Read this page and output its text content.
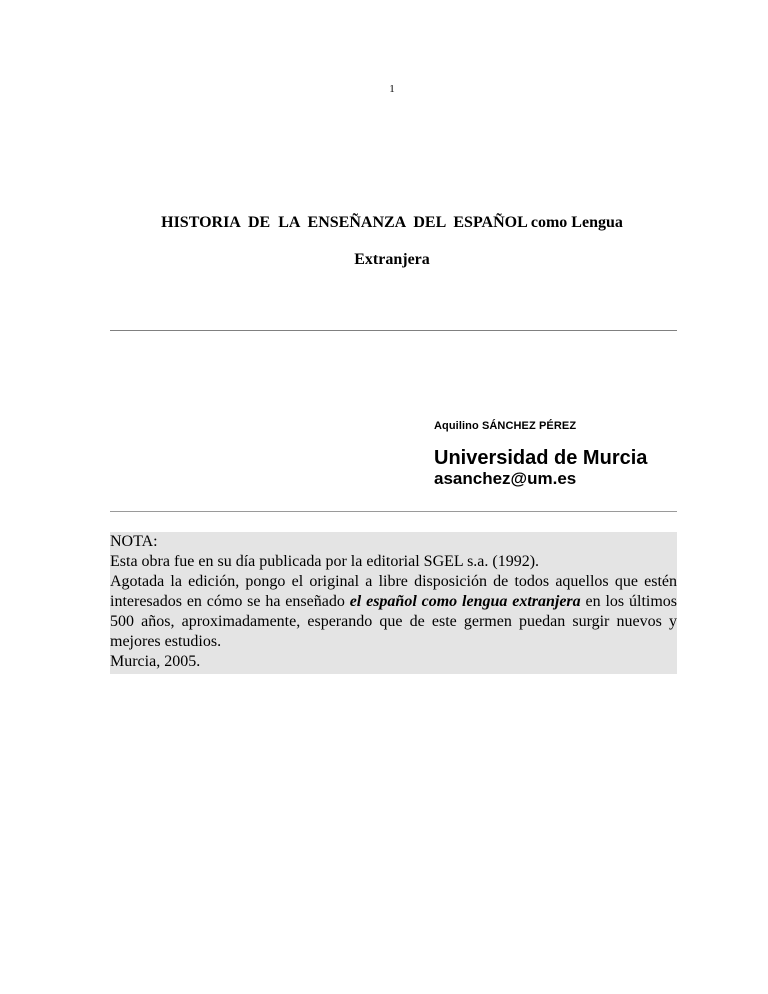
1
HISTORIA  DE  LA  ENSEÑANZA  DEL  ESPAÑOL como Lengua
Extranjera
Aquilino SÁNCHEZ PÉREZ
Universidad de Murcia
asanchez@um.es

NOTA:

Esta obra fue en su día publicada por la editorial SGEL s.a. (1992).

Agotada la edición, pongo el original a libre disposición de todos aquellos que estén interesados en cómo se ha enseñado el español como lengua extranjera en los últimos 500 años, aproximadamente, esperando que de este germen puedan surgir nuevos y mejores estudios.

Murcia, 2005.
